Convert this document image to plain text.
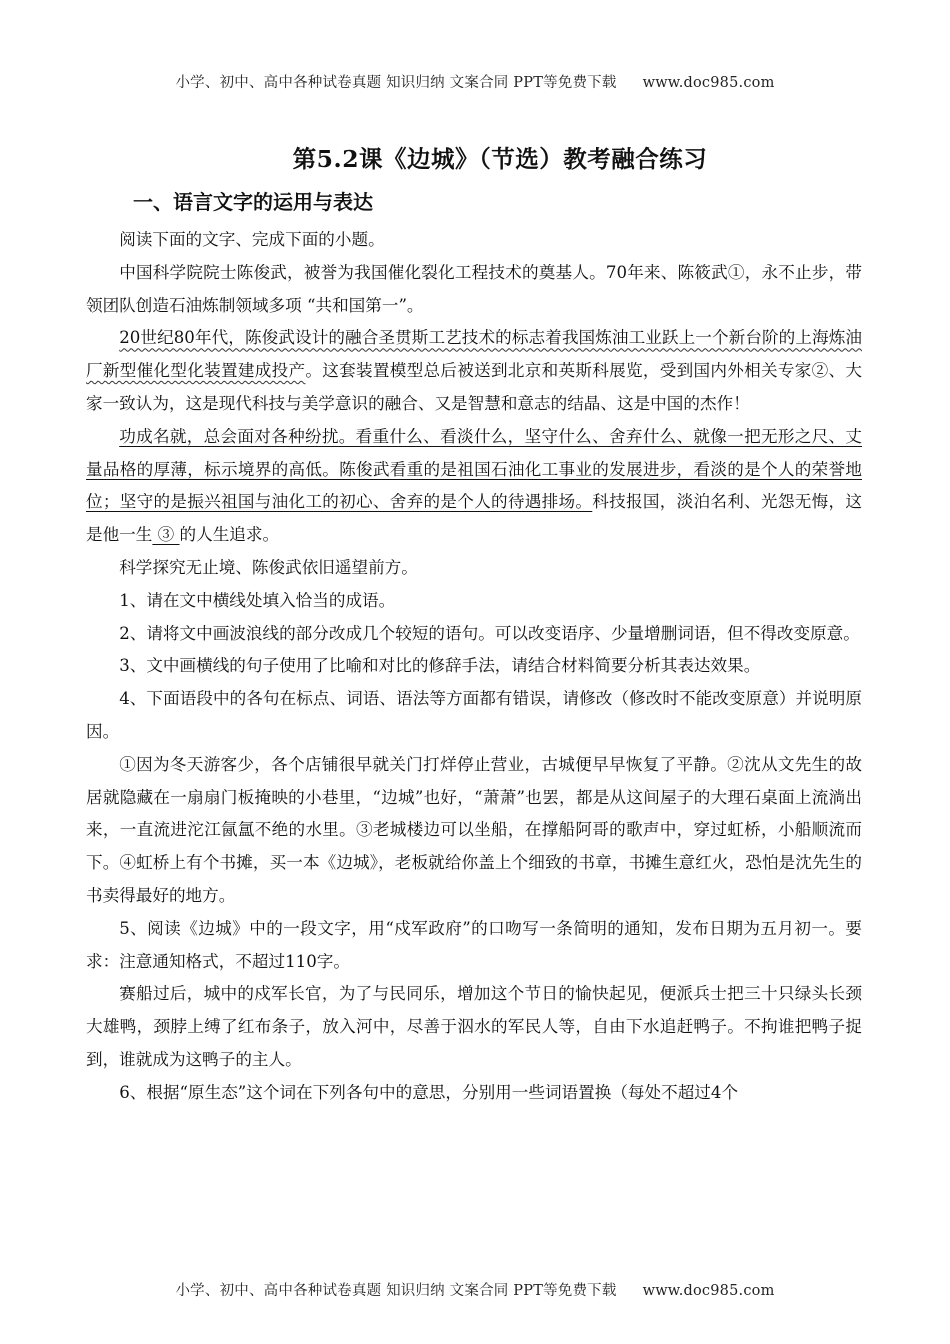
小学、初中、高中各种试卷真题 知识归纳 文案合同 PPT等免费下载 www.doc985.com
第5.2课《边城》（节选）教考融合练习
一、语言文字的运用与表达

阅读下面的文字、完成下面的小题。

中国科学院院士陈俊武，被誉为我国催化裂化工程技术的奠基人。70年来、陈筱武①，永不止步，带领团队创造石油炼制领域多项 “共和国第一”。

20世纪80年代，陈俊武设计的融合圣贯斯工艺技术的标志着我国炼油工业跃上一个新台阶的上海炼油厂新型催化型化装置建成投产。这套装置模型总后被送到北京和英斯科展览，受到国内外相关专家②、大家一致认为，这是现代科技与美学意识的融合、又是智慧和意志的结晶、这是中国的杰作！

功成名就，总会面对各种纷扰。看重什么、看淡什么，坚守什么、舍弃什么、就像一把无形之尺、丈量品格的厚薄，标示境界的高低。陈俊武看重的是祖国石油化工事业的发展进步，看淡的是个人的荣誉地位；坚守的是振兴祖国与油化工的初心、舍弃的是个人的待遇排场。科技报国，淡泊名利、光怨无悔，这是他一生 ③ 的人生追求。

科学探究无止境、陈俊武依旧遥望前方。

1、请在文中横线处填入恰当的成语。

2、请将文中画波浪线的部分改成几个较短的语句。可以改变语序、少量增删词语，但不得改变原意。

3、文中画横线的句子使用了比喻和对比的修辞手法，请结合材料简要分析其表达效果。

4、下面语段中的各句在标点、词语、语法等方面都有错误，请修改（修改时不能改变原意）并说明原因。

①因为冬天游客少，各个店铺很早就关门打烊停止营业，古城便早早恢复了平静。②沈从文先生的故居就隐藏在一扇扇门板掩映的小巷里，“边城”也好，“萧萧”也罢，都是从这间屋子的大理石桌面上流淌出来，一直流进沱江氤氲不绝的水里。③老城楼边可以坐船，在撑船阿哥的歌声中，穿过虹桥，小船顺流而下。④虹桥上有个书摊，买一本《边城》，老板就给你盖上个细致的书章，书摊生意红火，恐怕是沈先生的书卖得最好的地方。

5、阅读《边城》中的一段文字，用“戍军政府”的口吻写一条简明的通知，发布日期为五月初一。要求：注意通知格式，不超过110字。

赛船过后，城中的戍军长官，为了与民同乐，增加这个节日的愉快起见，便派兵士把三十只绿头长颈大雄鸭，颈脖上缚了红布条子，放入河中，尽善于泅水的军民人等，自由下水追赶鸭子。不拘谁把鸭子捉到，谁就成为这鸭子的主人。

6、根据“原生态”这个词在下列各句中的意思，分别用一些词语置换（每处不超过4个

小学、初中、高中各种试卷真题 知识归纳 文案合同 PPT等免费下载 www.doc985.com
